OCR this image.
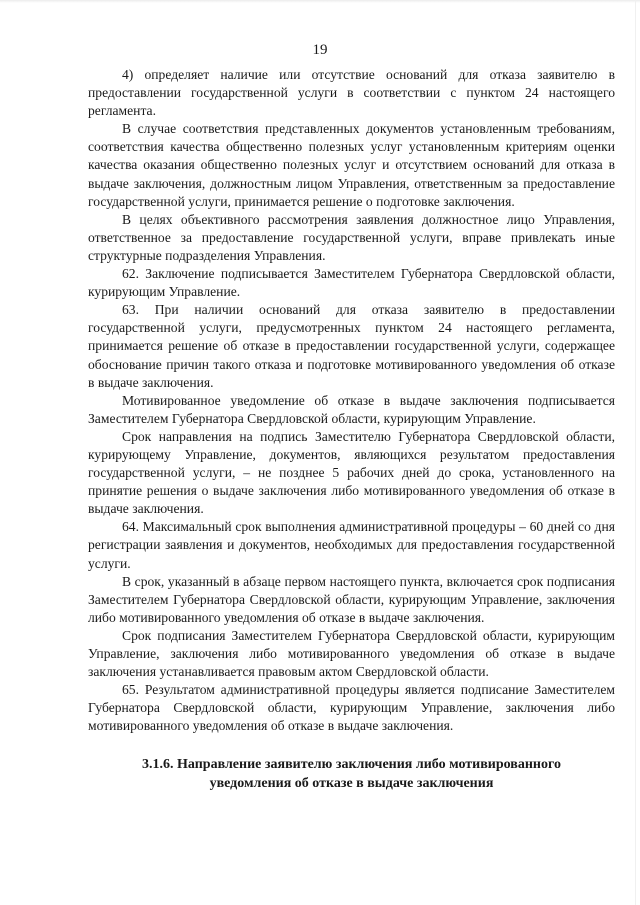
19

4) определяет наличие или отсутствие оснований для отказа заявителю в предоставлении государственной услуги в соответствии с пунктом 24 настоящего регламента.

В случае соответствия представленных документов установленным требованиям, соответствия качества общественно полезных услуг установленным критериям оценки качества оказания общественно полезных услуг и отсутствием оснований для отказа в выдаче заключения, должностным лицом Управления, ответственным за предоставление государственной услуги, принимается решение о подготовке заключения.

В целях объективного рассмотрения заявления должностное лицо Управления, ответственное за предоставление государственной услуги, вправе привлекать иные структурные подразделения Управления.

62. Заключение подписывается Заместителем Губернатора Свердловской области, курирующим Управление.

63. При наличии оснований для отказа заявителю в предоставлении государственной услуги, предусмотренных пунктом 24 настоящего регламента, принимается решение об отказе в предоставлении государственной услуги, содержащее обоснование причин такого отказа и подготовке мотивированного уведомления об отказе в выдаче заключения.

Мотивированное уведомление об отказе в выдаче заключения подписывается Заместителем Губернатора Свердловской области, курирующим Управление.

Срок направления на подпись Заместителю Губернатора Свердловской области, курирующему Управление, документов, являющихся результатом предоставления государственной услуги, – не позднее 5 рабочих дней до срока, установленного на принятие решения о выдаче заключения либо мотивированного уведомления об отказе в выдаче заключения.

64. Максимальный срок выполнения административной процедуры – 60 дней со дня регистрации заявления и документов, необходимых для предоставления государственной услуги.

В срок, указанный в абзаце первом настоящего пункта, включается срок подписания Заместителем Губернатора Свердловской области, курирующим Управление, заключения либо мотивированного уведомления об отказе в выдаче заключения.

Срок подписания Заместителем Губернатора Свердловской области, курирующим Управление, заключения либо мотивированного уведомления об отказе в выдаче заключения устанавливается правовым актом Свердловской области.

65. Результатом административной процедуры является подписание Заместителем Губернатора Свердловской области, курирующим Управление, заключения либо мотивированного уведомления об отказе в выдаче заключения.

3.1.6. Направление заявителю заключения либо мотивированного
уведомления об отказе в выдаче заключения
